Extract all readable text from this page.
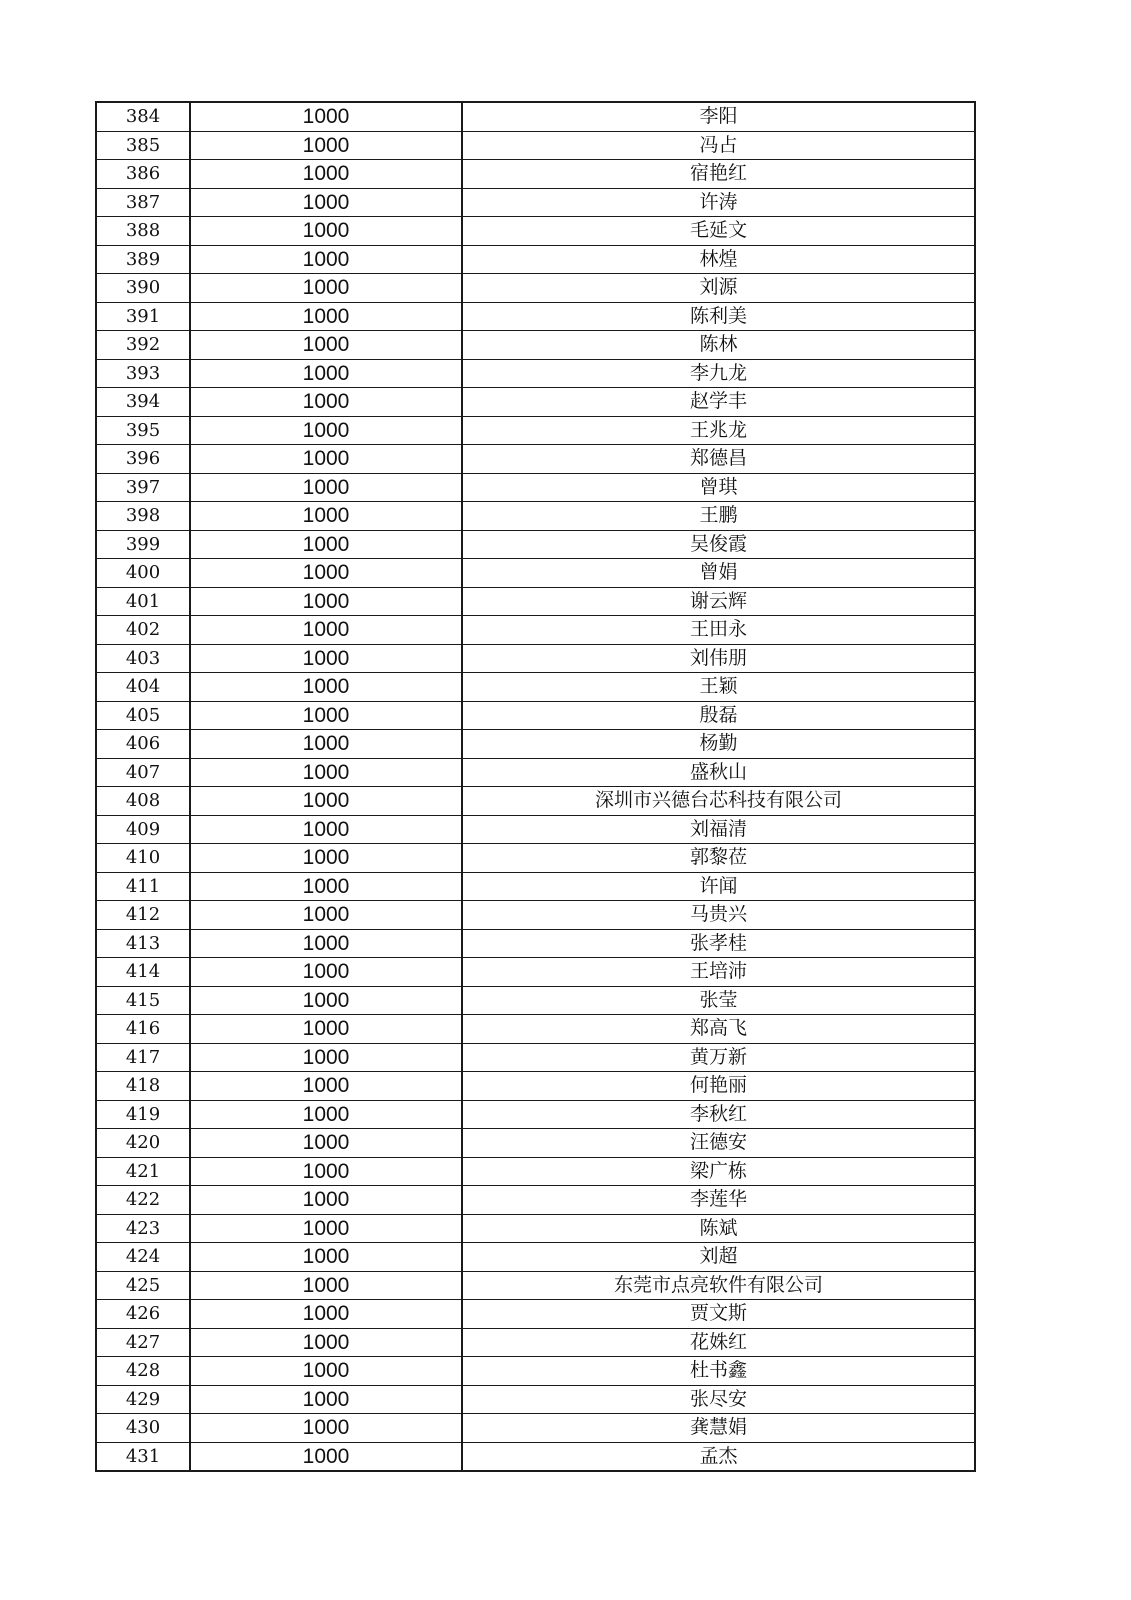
384	1000	李阳
385	1000	冯占
386	1000	宿艳红
387	1000	许涛
388	1000	毛延文
389	1000	林煌
390	1000	刘源
391	1000	陈利美
392	1000	陈林
393	1000	李九龙
394	1000	赵学丰
395	1000	王兆龙
396	1000	郑德昌
397	1000	曾琪
398	1000	王鹏
399	1000	吴俊霞
400	1000	曾娟
401	1000	谢云辉
402	1000	王田永
403	1000	刘伟朋
404	1000	王颖
405	1000	殷磊
406	1000	杨勤
407	1000	盛秋山
408	1000	深圳市兴德台芯科技有限公司
409	1000	刘福清
410	1000	郭黎莅
411	1000	许闻
412	1000	马贵兴
413	1000	张孝桂
414	1000	王培沛
415	1000	张莹
416	1000	郑高飞
417	1000	黄万新
418	1000	何艳丽
419	1000	李秋红
420	1000	汪德安
421	1000	梁广栋
422	1000	李莲华
423	1000	陈斌
424	1000	刘超
425	1000	东莞市点亮软件有限公司
426	1000	贾文斯
427	1000	花姝红
428	1000	杜书鑫
429	1000	张尽安
430	1000	龚慧娟
431	1000	孟杰
